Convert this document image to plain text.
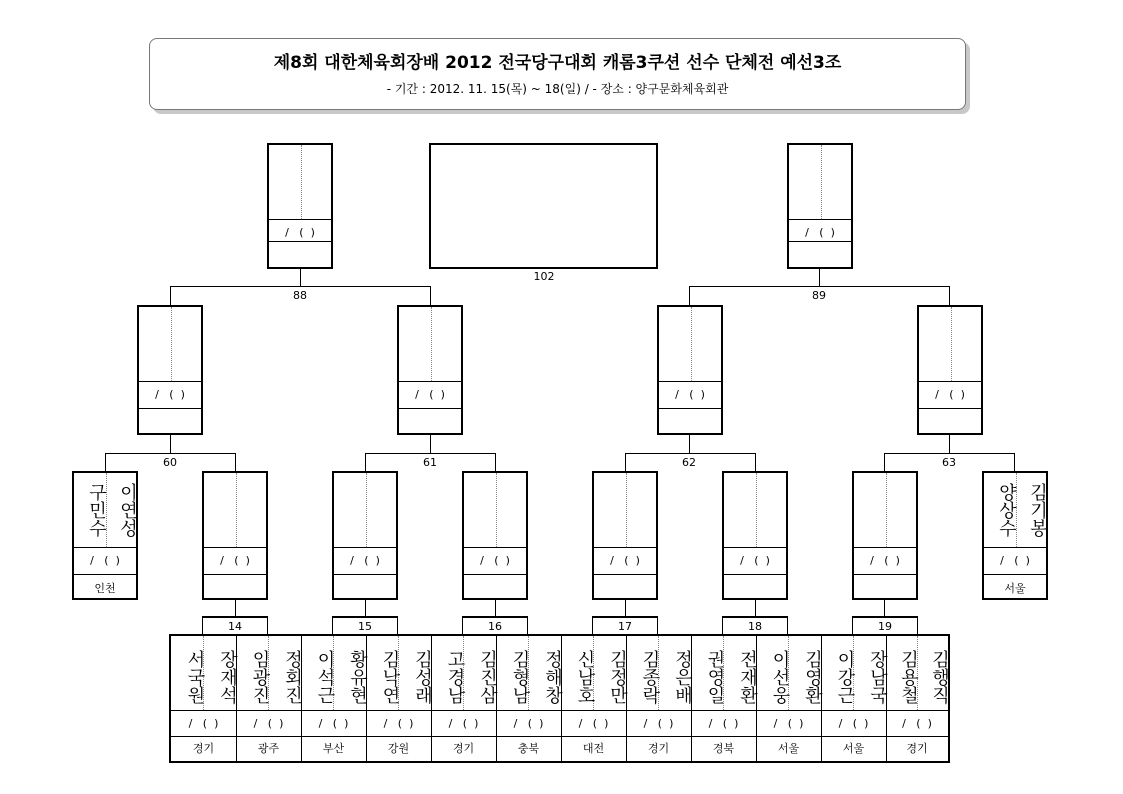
제8회 대한체육회장배 2012 전국당구대회 캐롬3쿠션 선수 단체전 예선3조
- 기간 : 2012. 11. 15(목) ~ 18(일) / - 장소 : 양구문화체육회관
88	89
60	61	62	63
102
/   (  )	/   (  )
/   (  )	/   (  )	/   (  )	/   (  )
구민수 이연성
/   (  )
인천
/   (  )	/   (  )	/   (  )	/   (  )	/   (  )	/   (  )
양상수 김기봉
/   (  )
서울
14	15	16	17	18	19
서국원 장재석
/   (  )
경기
임광진 정회진
/   (  )
광주
이석근 황유현
/   (  )
부산
김낙연 김성래
/   (  )
강원
고경남 김진삼
/   (  )
경기
김형남 정해창
/   (  )
충북
신남호 김정만
/   (  )
대전
김종락 정은배
/   (  )
경기
권영일 전재환
/   (  )
경북
이선웅 김영환
/   (  )
서울
이강근 장남국
/   (  )
서울
김용철 김행직
/   (  )
경기
